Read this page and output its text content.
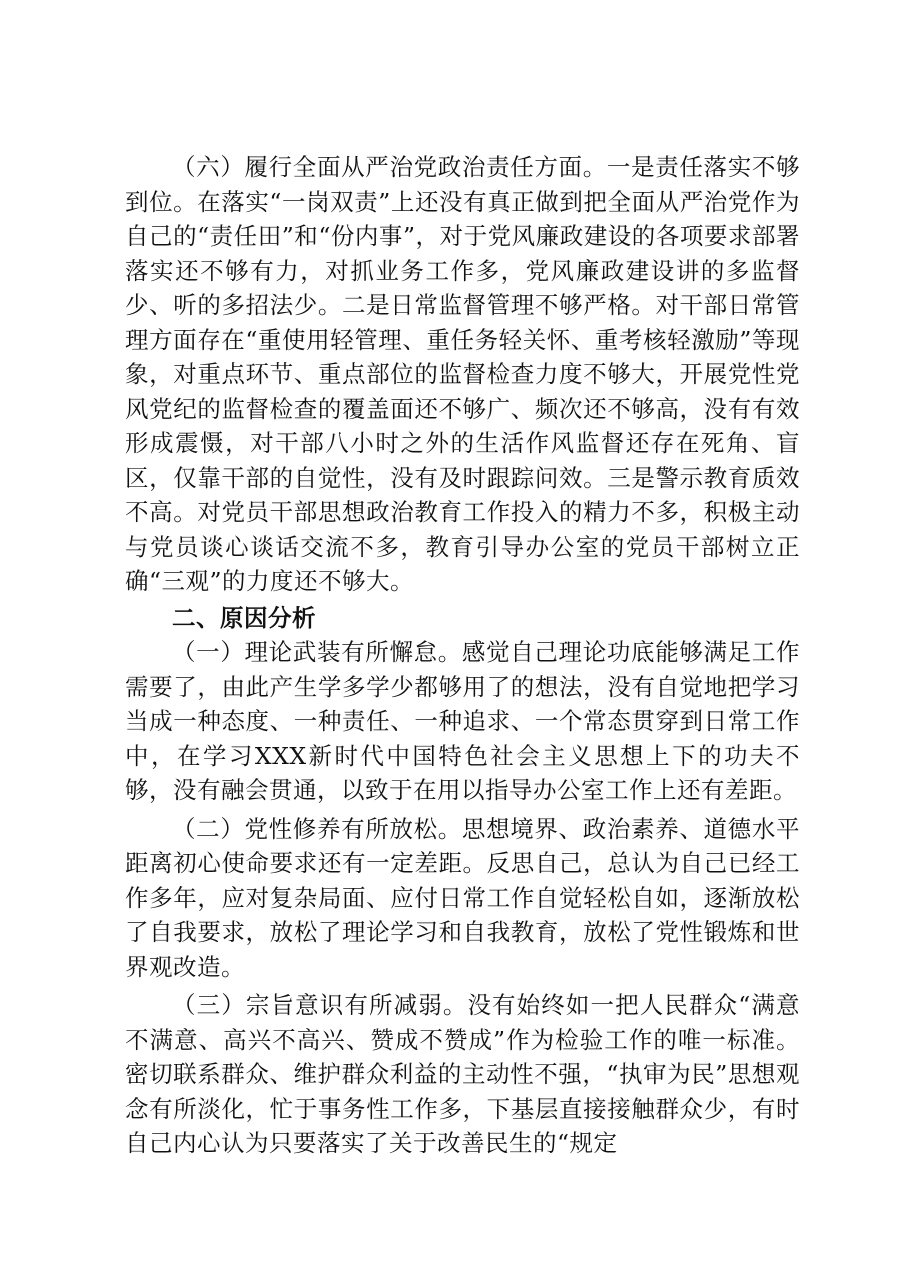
（六）履行全面从严治党政治责任方面。一是责任落实不够到位。在落实“一岗双责”上还没有真正做到把全面从严治党作为自己的“责任田”和“份内事”，对于党风廉政建设的各项要求部署落实还不够有力，对抓业务工作多，党风廉政建设讲的多监督少、听的多招法少。二是日常监督管理不够严格。对干部日常管理方面存在“重使用轻管理、重任务轻关怀、重考核轻激励”等现象，对重点环节、重点部位的监督检查力度不够大，开展党性党风党纪的监督检查的覆盖面还不够广、频次还不够高，没有有效形成震慑，对干部八小时之外的生活作风监督还存在死角、盲区，仅靠干部的自觉性，没有及时跟踪问效。三是警示教育质效不高。对党员干部思想政治教育工作投入的精力不多，积极主动与党员谈心谈话交流不多，教育引导办公室的党员干部树立正确“三观”的力度还不够大。

二、原因分析

（一）理论武装有所懈怠。感觉自己理论功底能够满足工作需要了，由此产生学多学少都够用了的想法，没有自觉地把学习当成一种态度、一种责任、一种追求、一个常态贯穿到日常工作中，在学习XXX新时代中国特色社会主义思想上下的功夫不够，没有融会贯通，以致于在用以指导办公室工作上还有差距。

（二）党性修养有所放松。思想境界、政治素养、道德水平距离初心使命要求还有一定差距。反思自己，总认为自己已经工作多年，应对复杂局面、应付日常工作自觉轻松自如，逐渐放松了自我要求，放松了理论学习和自我教育，放松了党性锻炼和世界观改造。

（三）宗旨意识有所减弱。没有始终如一把人民群众“满意不满意、高兴不高兴、赞成不赞成”作为检验工作的唯一标准。密切联系群众、维护群众利益的主动性不强，“执审为民”思想观念有所淡化，忙于事务性工作多，下基层直接接触群众少，有时自己内心认为只要落实了关于改善民生的“规定
